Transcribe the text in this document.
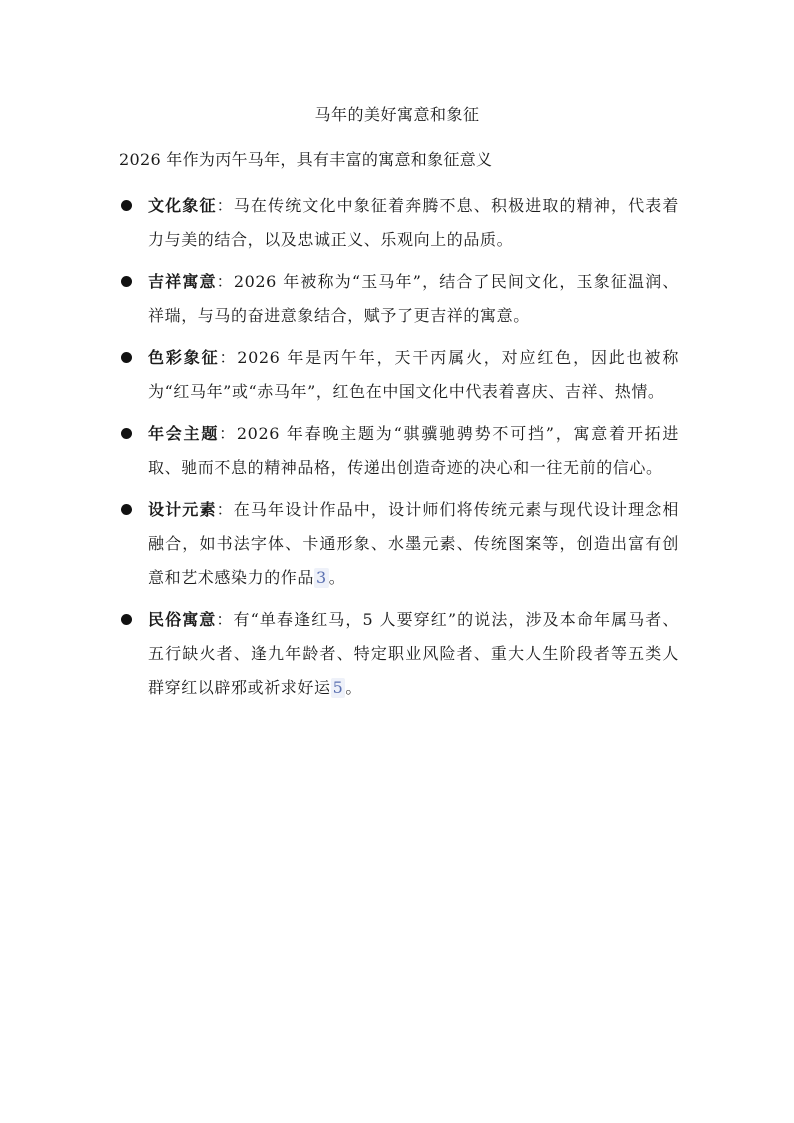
马年的美好寓意和象征
2026 年作为丙午马年，具有丰富的寓意和象征意义
文化象征：马在传统文化中象征着奔腾不息、积极进取的精神，代表着力与美的结合，以及忠诚正义、乐观向上的品质。
吉祥寓意：2026 年被称为“玉马年”，结合了民间文化，玉象征温润、祥瑞，与马的奋进意象结合，赋予了更吉祥的寓意。
色彩象征：2026 年是丙午年，天干丙属火，对应红色，因此也被称为“红马年”或“赤马年”，红色在中国文化中代表着喜庆、吉祥、热情。
年会主题：2026 年春晚主题为“骐骥驰骋势不可挡”，寓意着开拓进取、驰而不息的精神品格，传递出创造奇迹的决心和一往无前的信心。
设计元素：在马年设计作品中，设计师们将传统元素与现代设计理念相融合，如书法字体、卡通形象、水墨元素、传统图案等，创造出富有创意和艺术感染力的作品 3 。
民俗寓意：有“单春逢红马，5 人要穿红”的说法，涉及本命年属马者、五行缺火者、逢九年龄者、特定职业风险者、重大人生阶段者等五类人群穿红以辟邪或祈求好运 5 。
